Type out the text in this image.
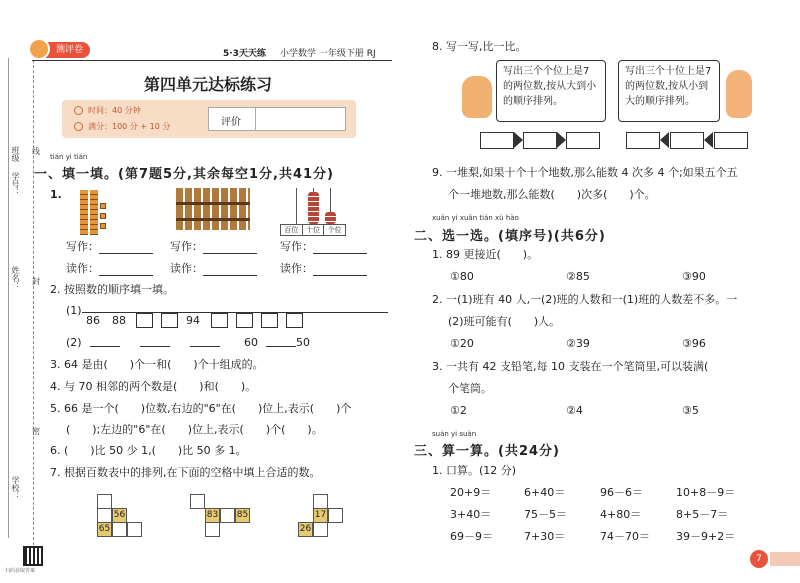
班级
学号：
姓名：
学校：
线
封
密
扫码获取答案
测评卷	5·3天天练 小学数学 一年级下册 RJ
第四单元达标练习
时间：40 分钟
满分：100 分 + 10 分	评价
tián yi tián
一、填一填。(第7题5分,其余每空1分,共41分)
1.
百位	十位	个位
写作：	写作：	写作：
读作：	读作：	读作：
2. 按照数的顺序填一填。
(1)
86 88	94
(2)	60	50
3. 64 是由( )个一和( )个十组成的。
4. 与 70 相邻的两个数是( )和( )。
5. 66 是一个( )位数,右边的"6"在( )位上,表示( )个
( );左边的"6"在( )位上,表示( )个( )。
6. ( )比 50 少 1,( )比 50 多 1。
7. 根据百数表中的排列,在下面的空格中填上合适的数。
56
65
83 85	17
26
8. 写一写,比一比。
写出三个个位上是7的两位数,按从大到小的顺序排列。
写出三个十位上是7的两位数,按从小到大的顺序排列。
9. 一堆梨,如果十个十个地数,那么能数 4 次多 4 个;如果五个五
个一堆地数,那么能数( )次多( )个。
xuǎn yi xuǎn tián xù hào
二、选一选。(填序号)(共6分)
1. 89 更接近( )。
①80	②85	③90
2. 一(1)班有 40 人,一(2)班的人数和一(1)班的人数差不多。一
(2)班可能有( )人。
①20	②39	③96
3. 一共有 42 支铅笔,每 10 支装在一个笔筒里,可以装满(
个笔筒。
①2	②4	③5
suàn yi suàn
三、算一算。(共24分)
1. 口算。(12 分)
20+9＝	6+40＝	96－6＝	10+8－9＝
3+40＝	75－5＝	4+80＝	8+5－7＝
69－9＝	7+30＝	74－70＝ 39－9+2＝
7
